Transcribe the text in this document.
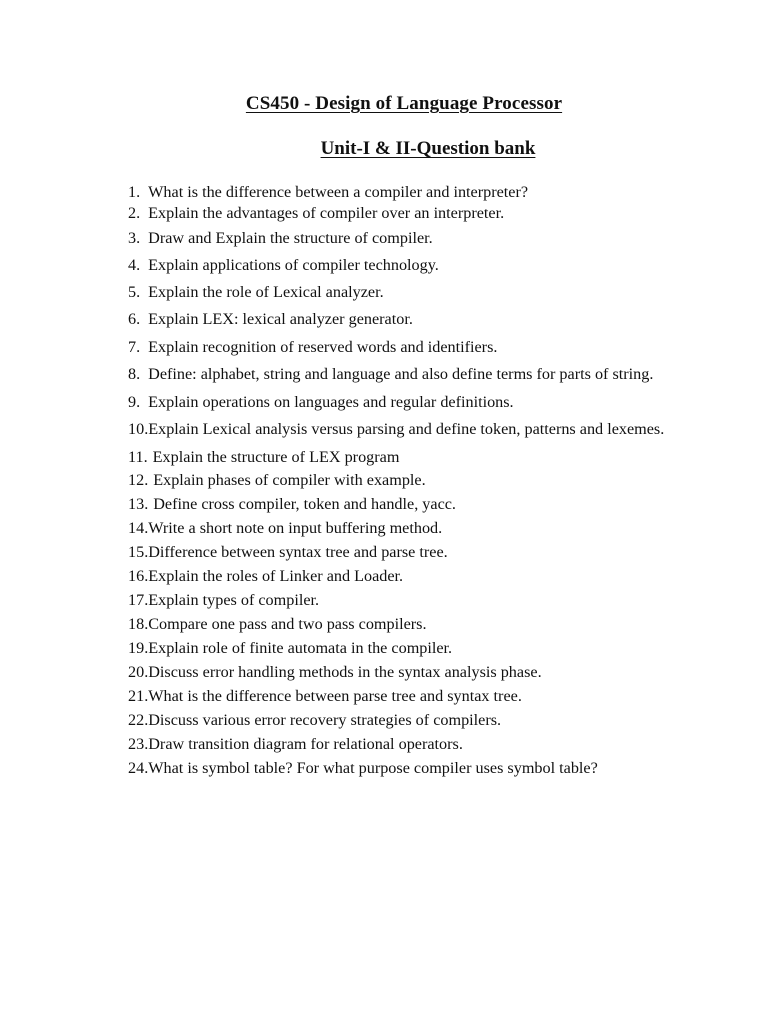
CS450 - Design of Language Processor
Unit-I & II-Question bank
1. What is the difference between a compiler and interpreter?
2. Explain the advantages of compiler over an interpreter.
3. Draw and Explain the structure of compiler.
4. Explain applications of compiler technology.
5. Explain the role of Lexical analyzer.
6. Explain LEX: lexical analyzer generator.
7. Explain recognition of reserved words and identifiers.
8. Define: alphabet, string and language and also define terms for parts of string.
9. Explain operations on languages and regular definitions.
10.Explain Lexical analysis versus parsing and define token, patterns and lexemes.
11. Explain the structure of LEX program
12. Explain phases of compiler with example.
13. Define cross compiler, token and handle, yacc.
14.Write a short note on input buffering method.
15.Difference between syntax tree and parse tree.
16.Explain the roles of Linker and Loader.
17.Explain types of compiler.
18.Compare one pass and two pass compilers.
19.Explain role of finite automata in the compiler.
20.Discuss error handling methods in the syntax analysis phase.
21.What is the difference between parse tree and syntax tree.
22.Discuss various error recovery strategies of compilers.
23.Draw transition diagram for relational operators.
24.What is symbol table? For what purpose compiler uses symbol table?
